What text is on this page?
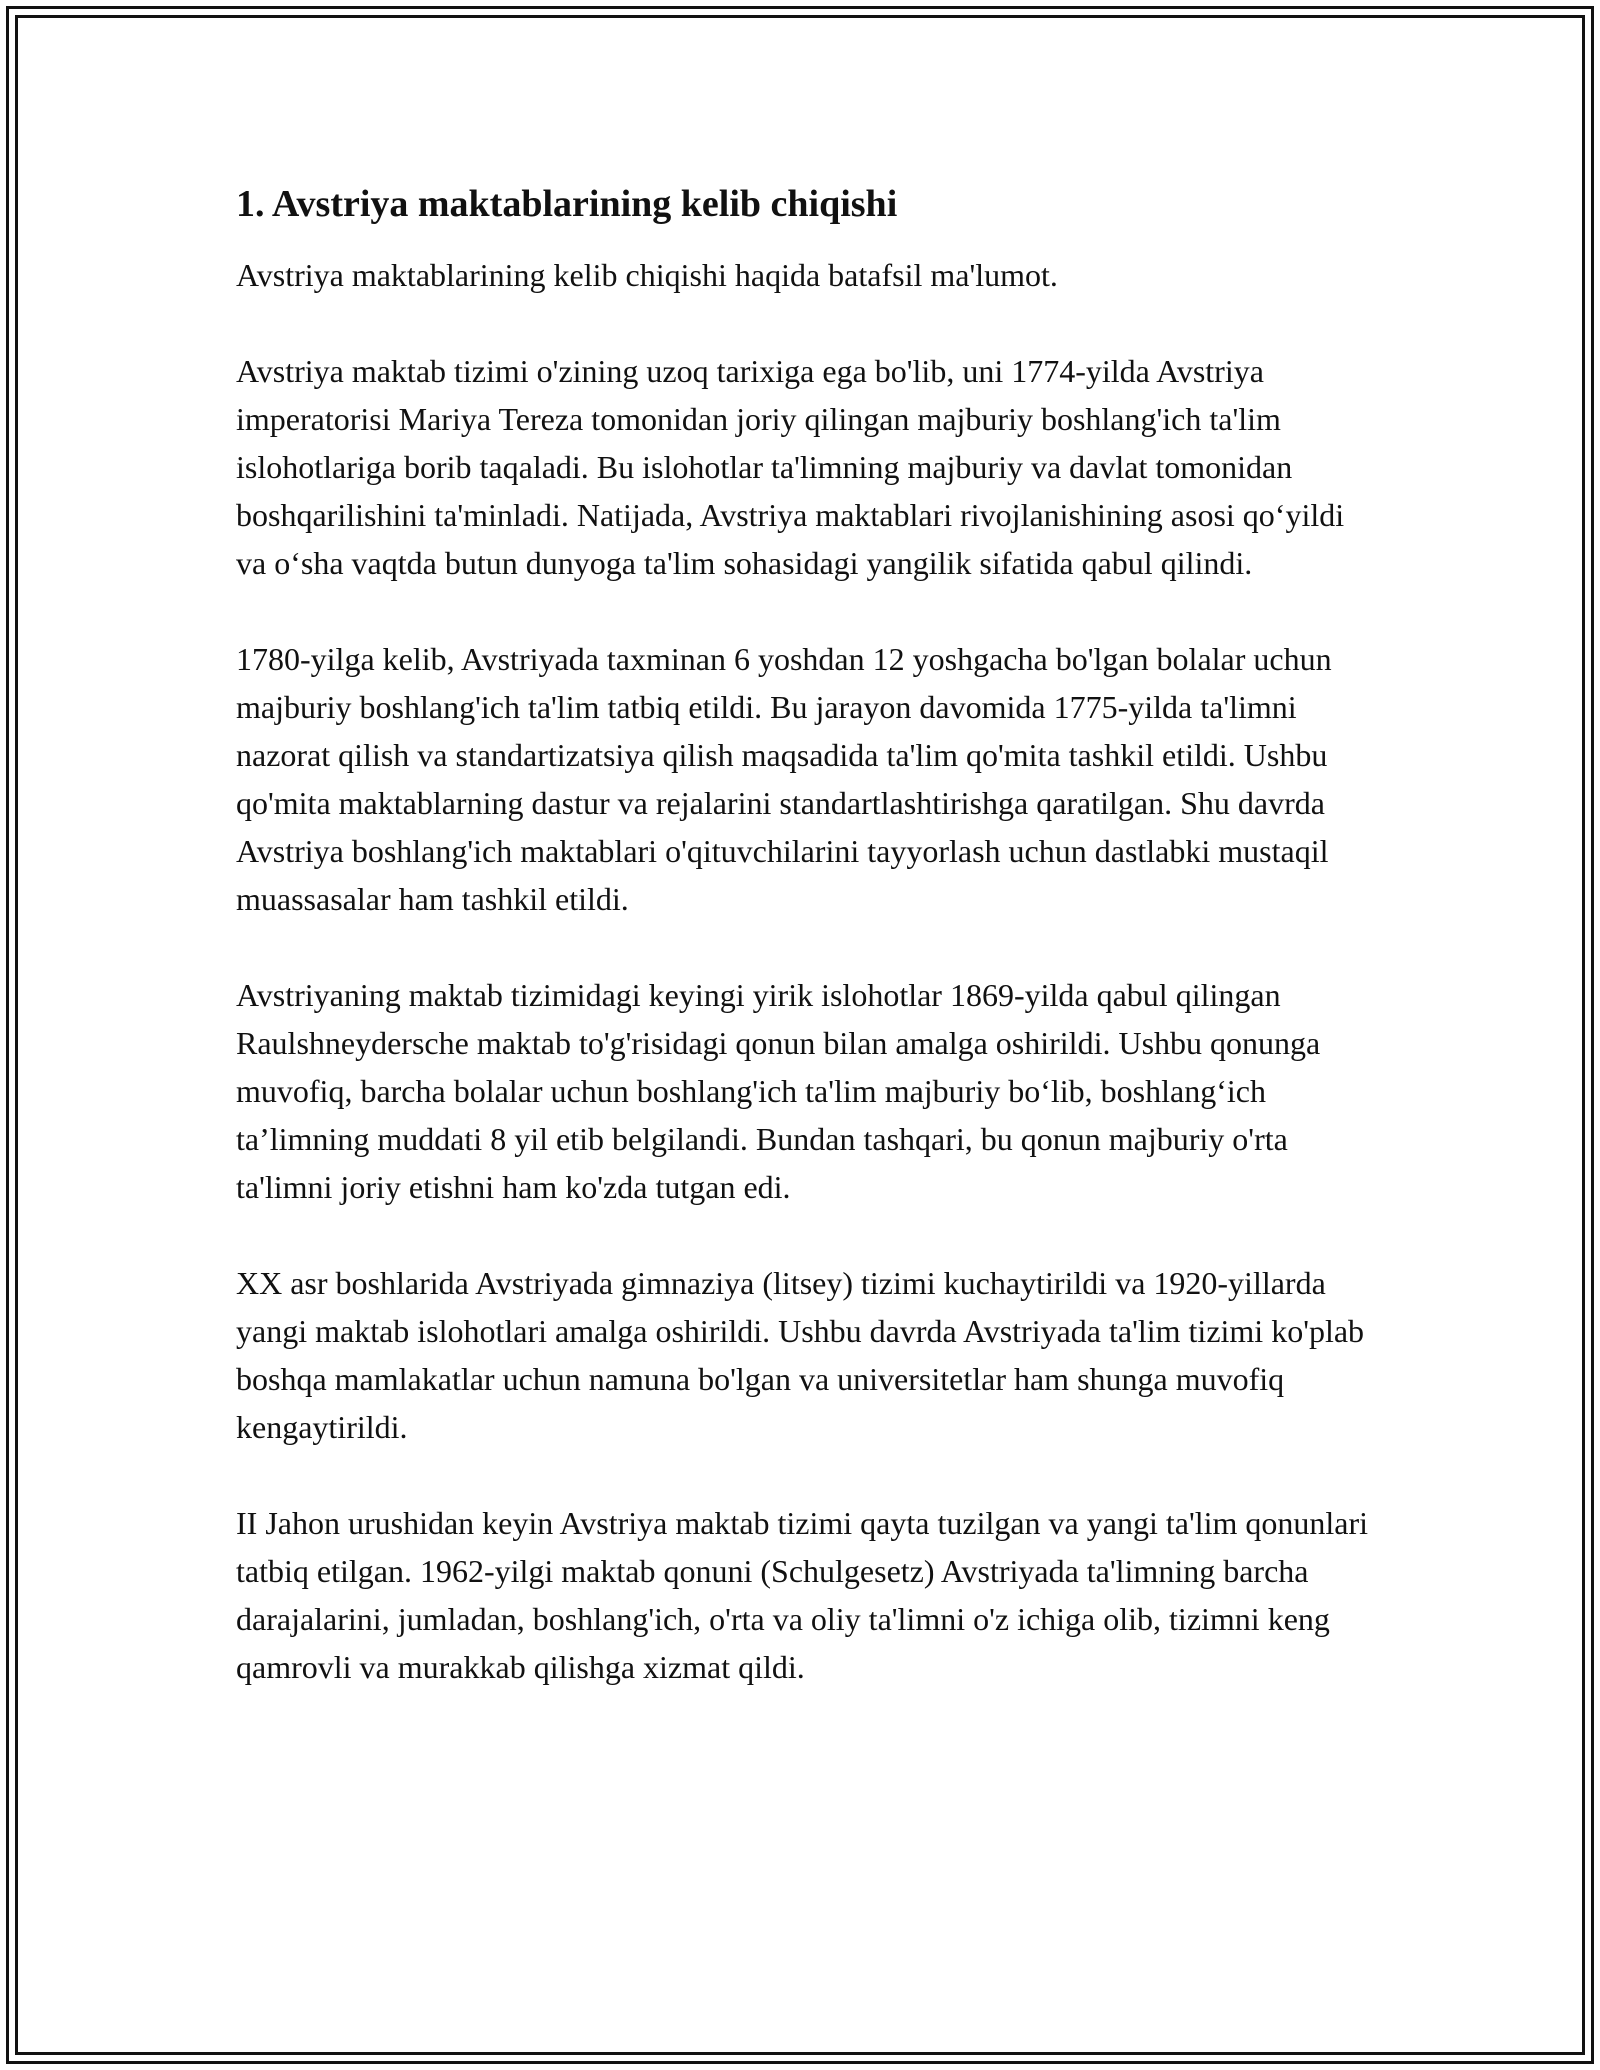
1. Avstriya maktablarining kelib chiqishi

Avstriya maktablarining kelib chiqishi haqida batafsil ma'lumot.

Avstriya maktab tizimi o'zining uzoq tarixiga ega bo'lib, uni 1774-yilda Avstriya imperatorisi Mariya Tereza tomonidan joriy qilingan majburiy boshlang'ich ta'lim islohotlariga borib taqaladi. Bu islohotlar ta'limning majburiy va davlat tomonidan boshqarilishini ta'minladi. Natijada, Avstriya maktablari rivojlanishining asosi qo‘yildi va o‘sha vaqtda butun dunyoga ta'lim sohasidagi yangilik sifatida qabul qilindi.

1780-yilga kelib, Avstriyada taxminan 6 yoshdan 12 yoshgacha bo'lgan bolalar uchun majburiy boshlang'ich ta'lim tatbiq etildi. Bu jarayon davomida 1775-yilda ta'limni nazorat qilish va standartizatsiya qilish maqsadida ta'lim qo'mita tashkil etildi. Ushbu qo'mita maktablarning dastur va rejalarini standartlashtirishga qaratilgan. Shu davrda Avstriya boshlang'ich maktablari o'qituvchilarini tayyorlash uchun dastlabki mustaqil muassasalar ham tashkil etildi.

Avstriyaning maktab tizimidagi keyingi yirik islohotlar 1869-yilda qabul qilingan Raulshneydersche maktab to'g'risidagi qonun bilan amalga oshirildi. Ushbu qonunga muvofiq, barcha bolalar uchun boshlang'ich ta'lim majburiy bo‘lib, boshlang‘ich ta’limning muddati 8 yil etib belgilandi. Bundan tashqari, bu qonun majburiy o'rta ta'limni joriy etishni ham ko'zda tutgan edi.

XX asr boshlarida Avstriyada gimnaziya (litsey) tizimi kuchaytirildi va 1920-yillarda yangi maktab islohotlari amalga oshirildi. Ushbu davrda Avstriyada ta'lim tizimi ko'plab boshqa mamlakatlar uchun namuna bo'lgan va universitetlar ham shunga muvofiq kengaytirildi.

II Jahon urushidan keyin Avstriya maktab tizimi qayta tuzilgan va yangi ta'lim qonunlari tatbiq etilgan. 1962-yilgi maktab qonuni (Schulgesetz) Avstriyada ta'limning barcha darajalarini, jumladan, boshlang'ich, o'rta va oliy ta'limni o'z ichiga olib, tizimni keng qamrovli va murakkab qilishga xizmat qildi.
